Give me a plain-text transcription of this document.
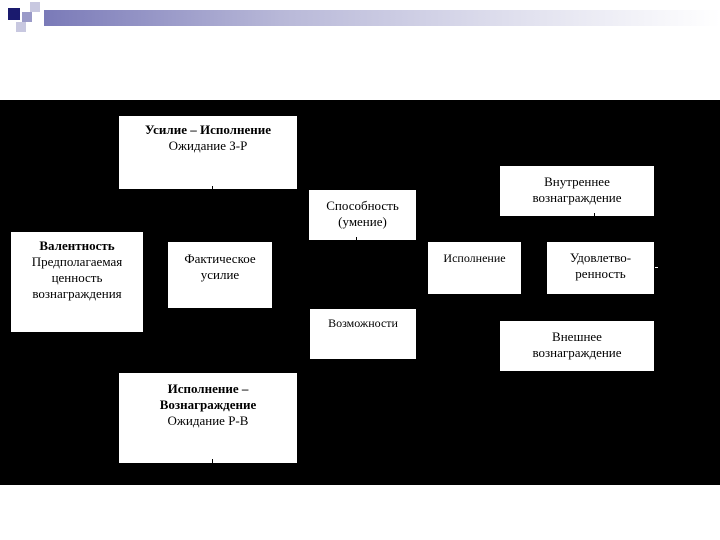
Усилие – Исполнение
Ожидание З-Р
Валентность
Предполагаемая
ценность
вознаграждения
Фактическое
усилие
Исполнение –
Вознаграждение
Ожидание Р-В
Способность
(умение)
Возможности
Исполнение
Внутреннее
вознаграждение
Удовлетво-
ренность
Внешнее
вознаграждение
